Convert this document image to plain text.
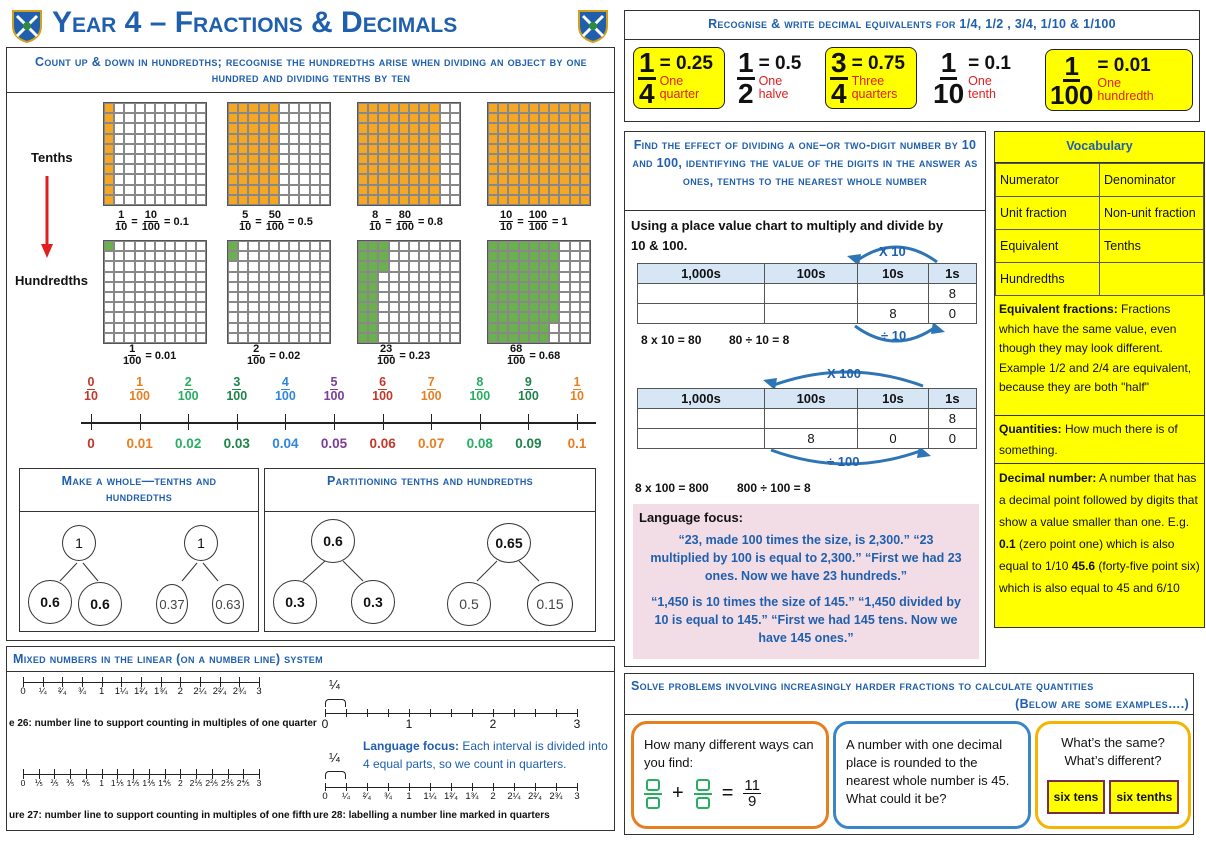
Year 4 – Fractions & Decimals
Count up & down in hundredths; recognise the hundredths arise when dividing an object by one hundred and dividing tenths by ten
Tenths
Hundredths
$\frac{1}{10} = \frac{10}{100} = 0.1$	$\frac{5}{10} = \frac{50}{100} = 0.5$	$\frac{8}{10} = \frac{80}{100} = 0.8$	$\frac{10}{10} = \frac{100}{100} = 1$
$\frac{1}{100} = 0.01$	$\frac{2}{100} = 0.02$	$\frac{23}{100} = 0.23$	$\frac{68}{100} = 0.68$
$\frac{0}{10} \frac{1}{100} \frac{2}{100} \frac{3}{100} \frac{4}{100} \frac{5}{100} \frac{6}{100} \frac{7}{100} \frac{8}{100} \frac{9}{100} \frac{1}{10}$
0	0.01	0.02	0.03	0.04	0.05	0.06	0.07	0.08	0.09	0.1
Make a whole—tenths and hundredths
1
0.6	0.6
1
0.37 0.63
Partitioning tenths and hundredths
0.6
0.3	0.3
0.65
0.5	0.15
Mixed numbers in the linear (on a number line) system
0	¼	²⁄₄	¾	1	1¼ 1²⁄₄ 1¾	2	2¼ 2²⁄₄ 2¾	3
e 26: number line to support counting in multiples of one quarter
0	⅕ ⅖ ⅗ ⅘	1 1⅕ 1⅖ 1⅗ 1⅘ 2 2⅕ 2⅖ 2⅗ 2⅘ 3
ure 27: number line to support counting in multiples of one fifth
¼
0	1	2	3
¼
0	¼	²⁄₄	¾	1	1¼ 1²⁄₄ 1¾	2	2¼ 2²⁄₄ 2¾	3
ure 28: labelling a number line marked in quarters
Language focus: Each interval is divided into 4 equal parts, so we count in quarters.
Recognise & write decimal equivalents for 1/4, 1/2 , 3/4, 1/10 & 1/100
$\frac{1}{4} = 0.25$
One
quarter	$\frac{1}{2} = 0.5$
One
halve	$\frac{3}{4} = 0.75$
Three
quarters $\frac{1}{10} = 0.1$
One
tenth	$\frac{1}{100} = 0.01$
One
hundredth
Find the effect of dividing a one–or two-digit number by 10 and 100, identifying the value of the digits in the answer as ones, tenths to the nearest whole number
Using a place value chart to multiply and divide by 10 & 100.	X 10
1,000s	100s	10s	1s
			8
		8	0
÷ 10
8 x 10 = 80 80 ÷ 10 = 8
X 100
1,000s	100s	10s	1s
			8
	8	0	0
÷ 100
8 x 100 = 800 800 ÷ 100 = 8
Language focus:
“23, made 100 times the size, is 2,300.” “23 multiplied by 100 is equal to 2,300.” “First we had 23 ones. Now we have 23 hundreds.”
“1,450 is 10 times the size of 145.” “1,450 divided by 10 is equal to 145.” “First we had 145 tens. Now we have 145 ones.”
Vocabulary
Numerator	Denominator
Unit fraction	Non-unit fraction
Equivalent	Tenths
Hundredths	
Equivalent fractions: Fractions which have the same value, even though they may look different. Example 1/2 and 2/4 are equivalent, because they are both "half"
Quantities: How much there is of something.
Decimal number: A number that has a decimal point followed by digits that show a value smaller than one. E.g. 0.1 (zero point one) which is also equal to 1/10 45.6 (forty-five point six) which is also equal to 45 and 6/10
Solve problems involving increasingly harder fractions to calculate quantities
(Below are some examples….)
How many different ways can you find:
+ = $\frac{11}{9}$
A number with one decimal place is rounded to the nearest whole number is 45. What could it be?
What’s the same?
What’s different?
six tens	six tenths
